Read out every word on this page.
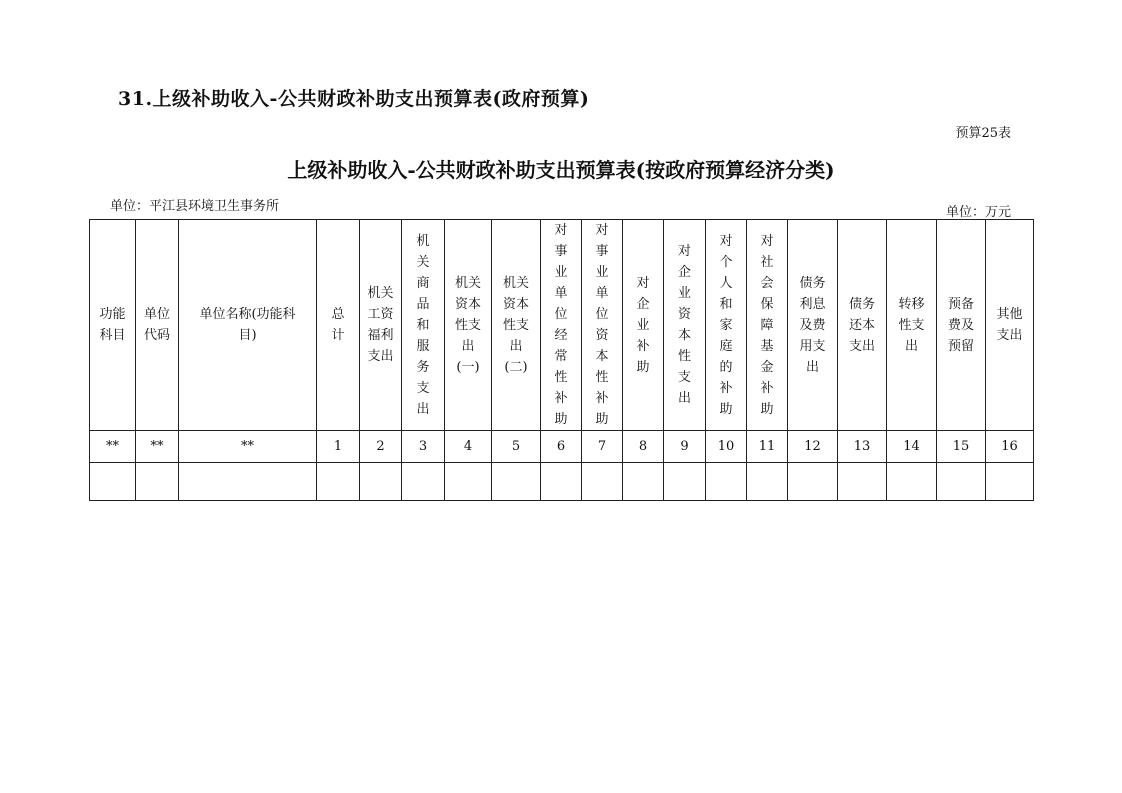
31.上级补助收入-公共财政补助支出预算表(政府预算)
预算25表
上级补助收入-公共财政补助支出预算表(按政府预算经济分类)
单位：平江县环境卫生事务所	单位：万元
功能科目	单位代码	单位名称(功能科目)	总计	机关工资福利支出	机关商品和服务支出	机关资本性支出(一)	机关资本性支出(二)	对事业单位经常性补助	对事业单位资本性补助	对企业补助	对企业资本性支出	对个人和家庭的补助	对社会保障基金补助	债务利息及费用支出	债务还本支出	转移性支出	预备费及预留	其他支出
**	**	**	1	2	3	4	5	6	7	8	9	10	11	12	13	14	15	16
